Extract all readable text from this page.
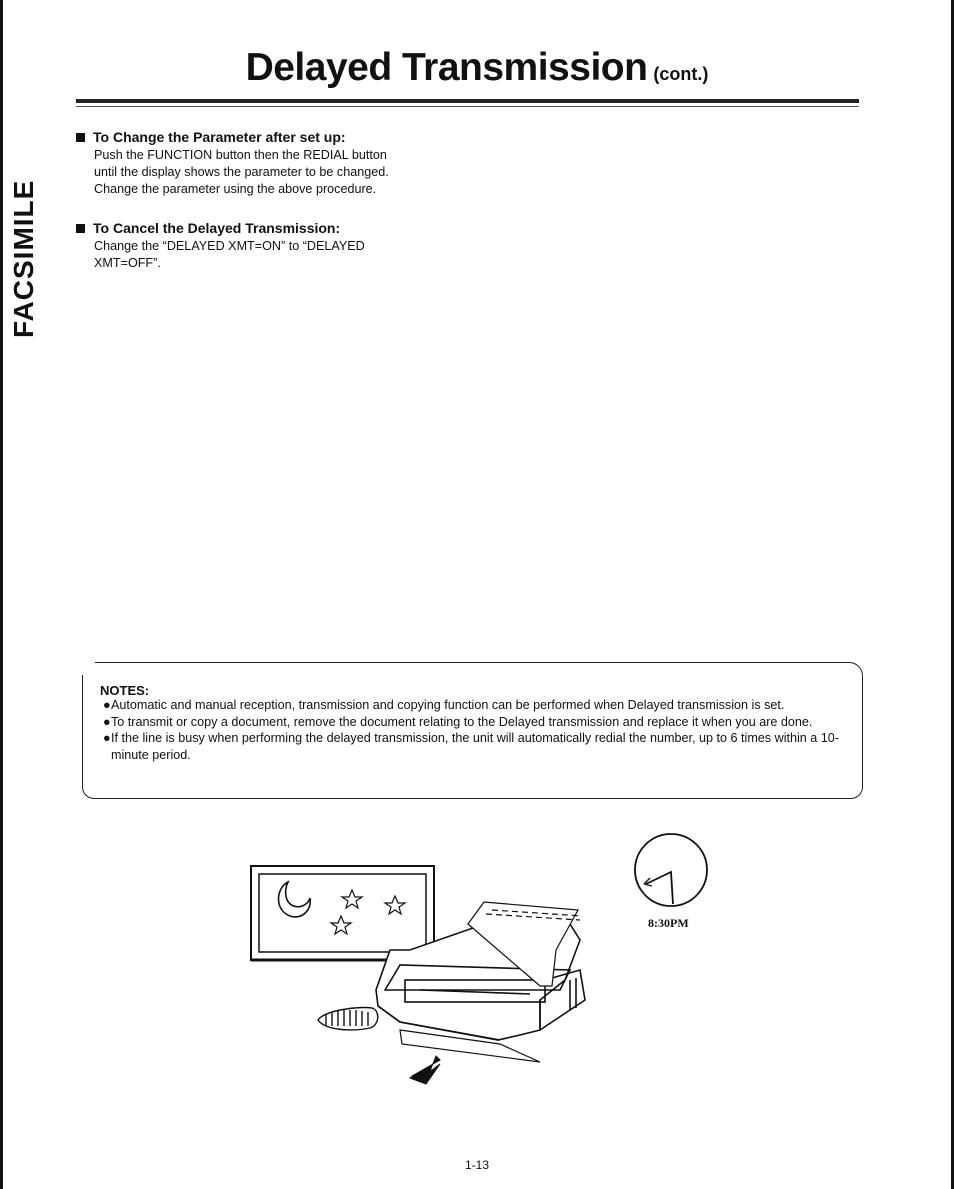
Delayed Transmission (cont.)
FACSIMILE
To Change the Parameter after set up:
Push the FUNCTION button then the REDIAL button
until the display shows the parameter to be changed.
Change the parameter using the above procedure.
To Cancel the Delayed Transmission:
Change the “DELAYED XMT=ON” to “DELAYED
XMT=OFF”.
NOTES:
●Automatic and manual reception, transmission and copying function can be performed when Delayed transmission is set.
●To transmit or copy a document, remove the document relating to the Delayed transmission and replace it when you are done.
●If the line is busy when performing the delayed transmission, the unit will automatically redial the number, up to 6 times within a 10-minute period.
8:30PM
1-13
